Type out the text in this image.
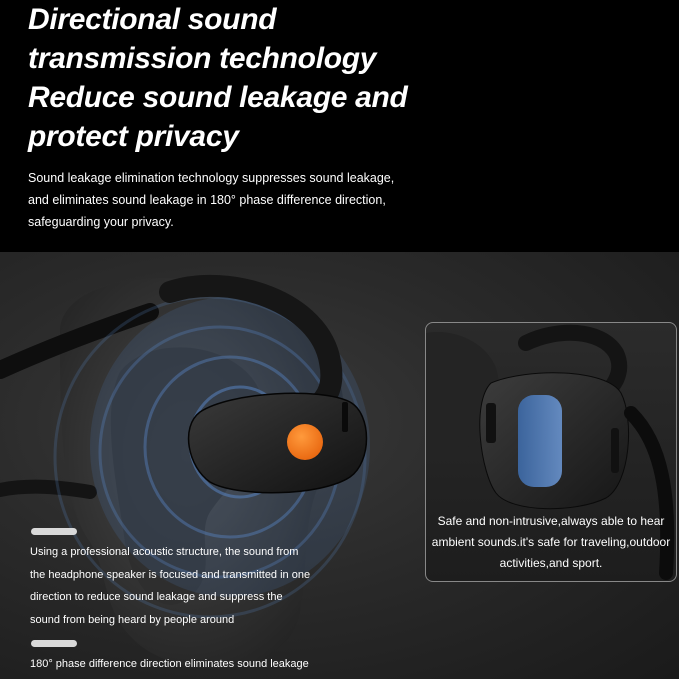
Directional sound
transmission technology
Reduce sound leakage and
protect privacy

Sound leakage elimination technology suppresses sound leakage,
and eliminates sound leakage in 180° phase difference direction,
safeguarding your privacy.

Safe and non-intrusive,always able to hear
ambient sounds.it's safe for traveling,outdoor
activities,and sport.

Using a professional acoustic structure, the sound from
the headphone speaker is focused and transmitted in one
direction to reduce sound leakage and suppress the
sound from being heard by people around

180° phase difference direction eliminates sound leakage
